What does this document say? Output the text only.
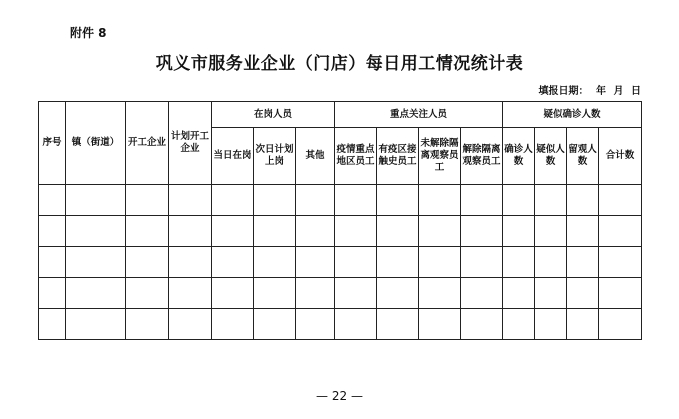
附件 8
巩义市服务业企业（门店）每日用工情况统计表
填报日期： 年 月 日
序号	镇（街道）	开工企业	计划开工企业	在岗人员			重点关注人员				疑似确诊人数			
				当日在岗	次日计划上岗	其他	疫情重点地区员工	有疫区接触史员工	未解除隔离观察员工	解除隔离观察员工	确诊人数	疑似人数	留观人数	合计数

— 22 —
